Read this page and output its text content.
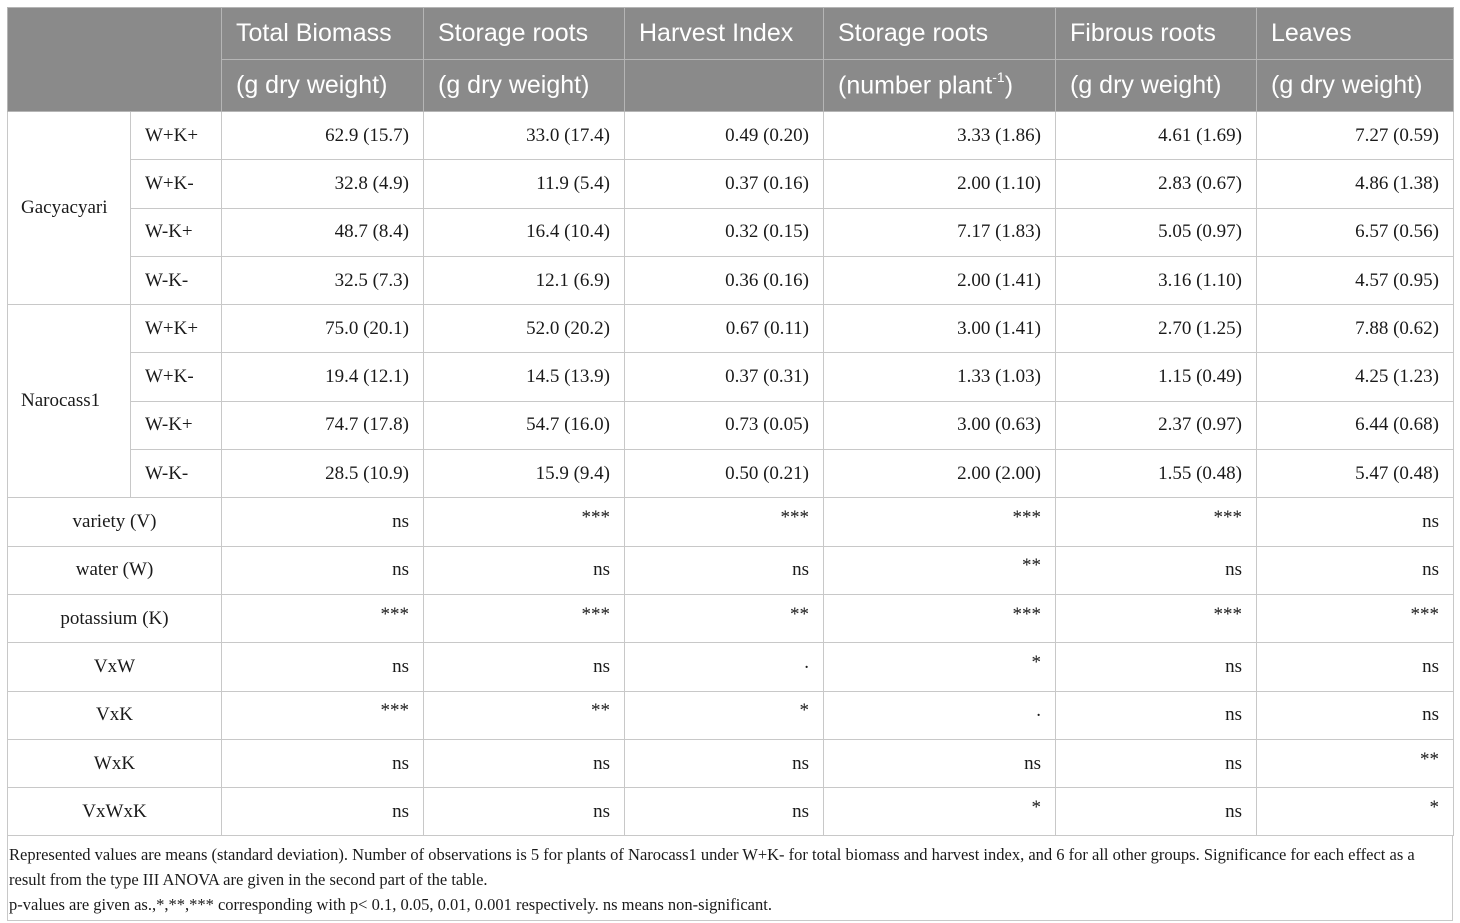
		Total Biomass	Storage roots	Harvest Index	Storage roots	Fibrous roots	Leaves
		(g dry weight)	(g dry weight)		(number plant$^{-1}$)	(g dry weight)	(g dry weight)
Gacyacyari	W+K+	62.9 (15.7)	33.0 (17.4)	0.49 (0.20)	3.33 (1.86)	4.61 (1.69)	7.27 (0.59)
	W+K-	32.8 (4.9)	11.9 (5.4)	0.37 (0.16)	2.00 (1.10)	2.83 (0.67)	4.86 (1.38)
	W-K+	48.7 (8.4)	16.4 (10.4)	0.32 (0.15)	7.17 (1.83)	5.05 (0.97)	6.57 (0.56)
	W-K-	32.5 (7.3)	12.1 (6.9)	0.36 (0.16)	2.00 (1.41)	3.16 (1.10)	4.57 (0.95)
Narocass1	W+K+	75.0 (20.1)	52.0 (20.2)	0.67 (0.11)	3.00 (1.41)	2.70 (1.25)	7.88 (0.62)
	W+K-	19.4 (12.1)	14.5 (13.9)	0.37 (0.31)	1.33 (1.03)	1.15 (0.49)	4.25 (1.23)
	W-K+	74.7 (17.8)	54.7 (16.0)	0.73 (0.05)	3.00 (0.63)	2.37 (0.97)	6.44 (0.68)
	W-K-	28.5 (10.9)	15.9 (9.4)	0.50 (0.21)	2.00 (2.00)	1.55 (0.48)	5.47 (0.48)
variety (V)		ns	***	***	***	***	ns
water (W)		ns	ns	ns	**	ns	ns
potassium (K)		***	***	**	***	***	***
VxW		ns	ns	.	*	ns	ns
VxK		***	**	*	.	ns	ns
WxK		ns	ns	ns	ns	ns	**
VxWxK		ns	ns	ns	*	ns	*
Represented values are means (standard deviation). Number of observations is 5 for plants of Narocass1 under W+K- for total biomass and harvest index, and 6 for all other groups. Significance for each effect as a result from the type III ANOVA are given in the second part of the table.
p-values are given as.,*,**,*** corresponding with p< 0.1, 0.05, 0.01, 0.001 respectively. ns means non-significant.
